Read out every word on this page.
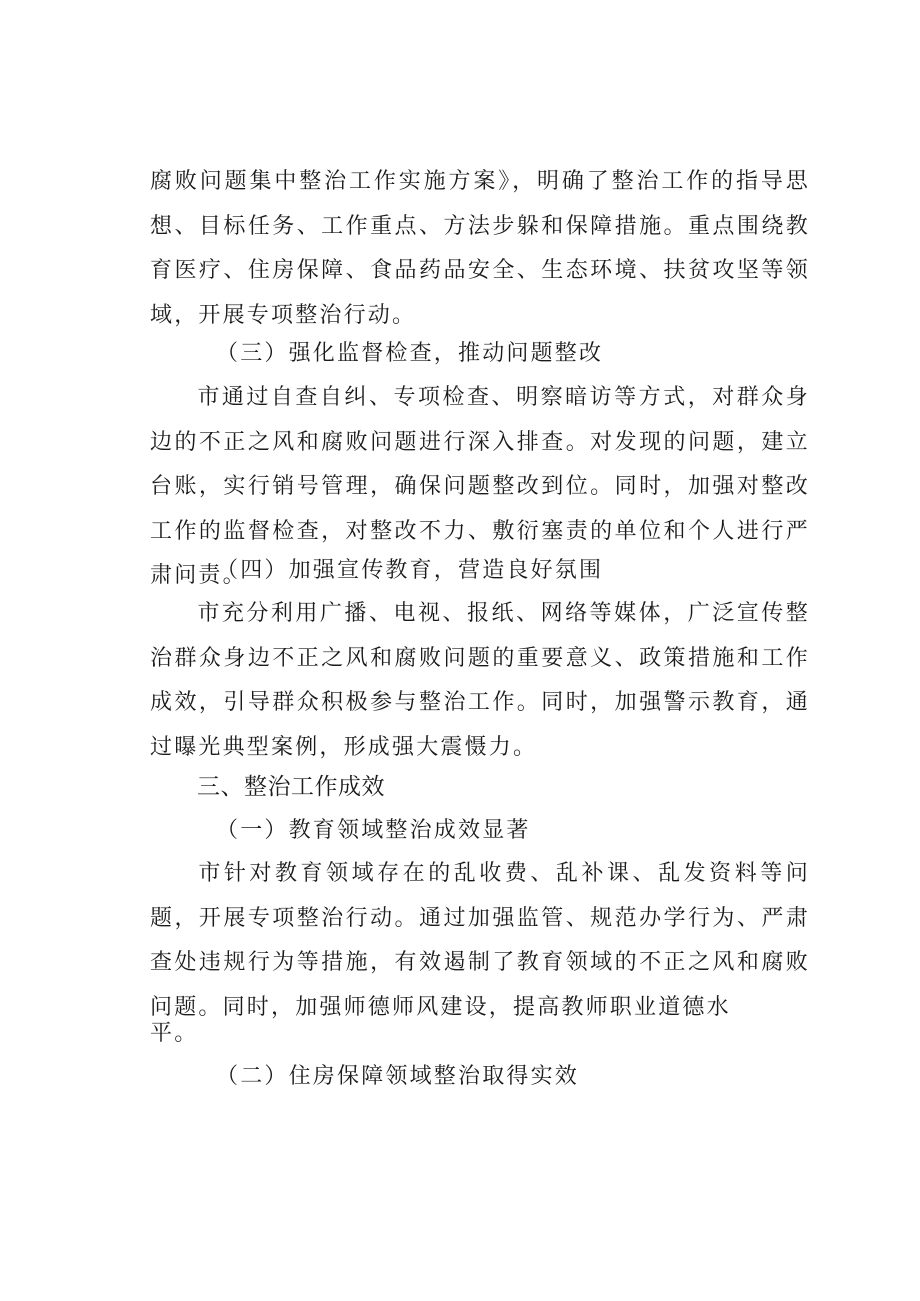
腐败问题集中整治工作实施方案》，明确了整治工作的指导思想、目标任务、工作重点、方法步躲和保障措施。重点围绕教育医疗、住房保障、食品药品安全、生态环境、扶贫攻坚等领域，开展专项整治行动。

（三）强化监督检查，推动问题整改

市通过自查自纠、专项检查、明察暗访等方式，对群众身边的不正之风和腐败问题进行深入排查。对发现的问题，建立台账，实行销号管理，确保问题整改到位。同时，加强对整改工作的监督检查，对整改不力、敷衍塞责的单位和个人进行严肃问责。

（四）加强宣传教育，营造良好氛围

市充分利用广播、电视、报纸、网络等媒体，广泛宣传整治群众身边不正之风和腐败问题的重要意义、政策措施和工作成效，引导群众积极参与整治工作。同时，加强警示教育，通过曝光典型案例，形成强大震慑力。

三、整治工作成效

（一）教育领域整治成效显著

市针对教育领域存在的乱收费、乱补课、乱发资料等问题，开展专项整治行动。通过加强监管、规范办学行为、严肃查处违规行为等措施，有效遏制了教育领域的不正之风和腐败问题。同时，加强师德师风建设，提高教师职业道德水

平。

（二）住房保障领域整治取得实效
